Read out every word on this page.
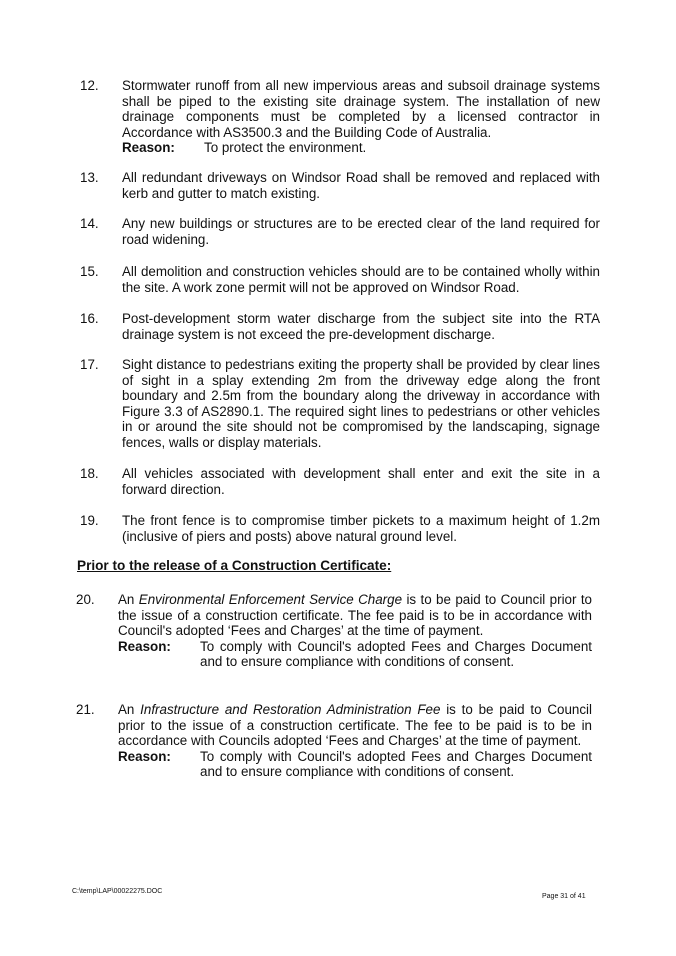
12.	Stormwater runoff from all new impervious areas and subsoil drainage systems shall be piped to the existing site drainage system. The installation of new drainage components must be completed by a licensed contractor in Accordance with AS3500.3 and the Building Code of Australia.
Reason:	To protect the environment.
13.	All redundant driveways on Windsor Road shall be removed and replaced with kerb and gutter to match existing.
14.	Any new buildings or structures are to be erected clear of the land required for road widening.
15.	All demolition and construction vehicles should are to be contained wholly within the site. A work zone permit will not be approved on Windsor Road.
16.	Post-development storm water discharge from the subject site into the RTA drainage system is not exceed the pre-development discharge.
17.	Sight distance to pedestrians exiting the property shall be provided by clear lines of sight in a splay extending 2m from the driveway edge along the front boundary and 2.5m from the boundary along the driveway in accordance with Figure 3.3 of AS2890.1. The required sight lines to pedestrians or other vehicles in or around the site should not be compromised by the landscaping, signage fences, walls or display materials.
18.	All vehicles associated with development shall enter and exit the site in a forward direction.
19.	The front fence is to compromise timber pickets to a maximum height of 1.2m (inclusive of piers and posts) above natural ground level.
Prior to the release of a Construction Certificate:
20.	An Environmental Enforcement Service Charge is to be paid to Council prior to the issue of a construction certificate. The fee paid is to be in accordance with Council's adopted ‘Fees and Charges’ at the time of payment.
Reason:	To comply with Council's adopted Fees and Charges Document and to ensure compliance with conditions of consent.
21.	An Infrastructure and Restoration Administration Fee is to be paid to Council prior to the issue of a construction certificate. The fee to be paid is to be in accordance with Councils adopted ‘Fees and Charges’ at the time of payment.
Reason:	To comply with Council's adopted Fees and Charges Document and to ensure compliance with conditions of consent.
C:\temp\LAP\00022275.DOC
Page 31 of 41
